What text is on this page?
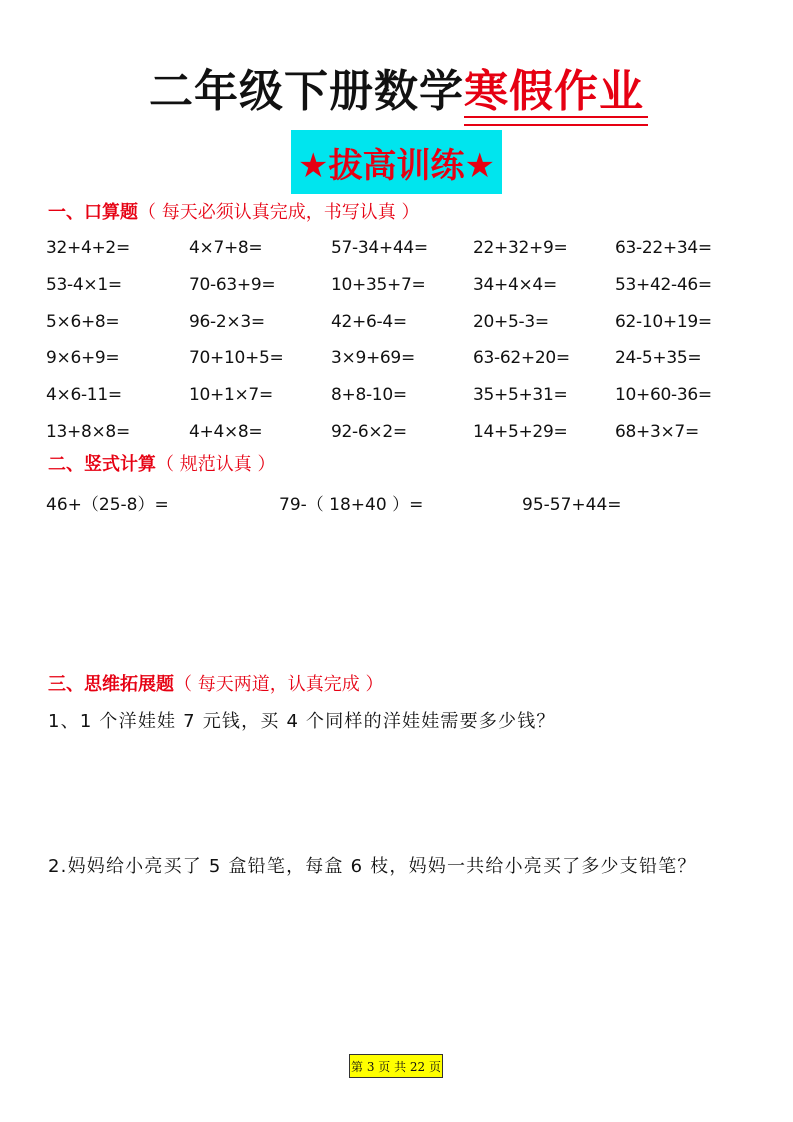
二年级下册数学寒假作业
★拔高训练★
一、口算题（ 每天必须认真完成，书写认真 ）
32+4+2=	4×7+8=	57-34+44=	22+32+9=	63-22+34=
53-4×1=	70-63+9=	10+35+7=	34+4×4=	53+42-46=
5×6+8=	96-2×3=	42+6-4=	20+5-3=	62-10+19=
9×6+9=	70+10+5=	3×9+69=	63-62+20=	24-5+35=
4×6-11=	10+1×7=	8+8-10=	35+5+31=	10+60-36=
13+8×8=	4+4×8=	92-6×2=	14+5+29=	68+3×7=
二、竖式计算（ 规范认真 ）
46+（25-8）=	79-（ 18+40 ）=	95-57+44=
三、思维拓展题（ 每天两道，认真完成 ）
1、1 个洋娃娃 7 元钱，买 4 个同样的洋娃娃需要多少钱？
2.妈妈给小亮买了 5 盒铅笔，每盒 6 枝，妈妈一共给小亮买了多少支铅笔？
第 3 页 共 22 页
